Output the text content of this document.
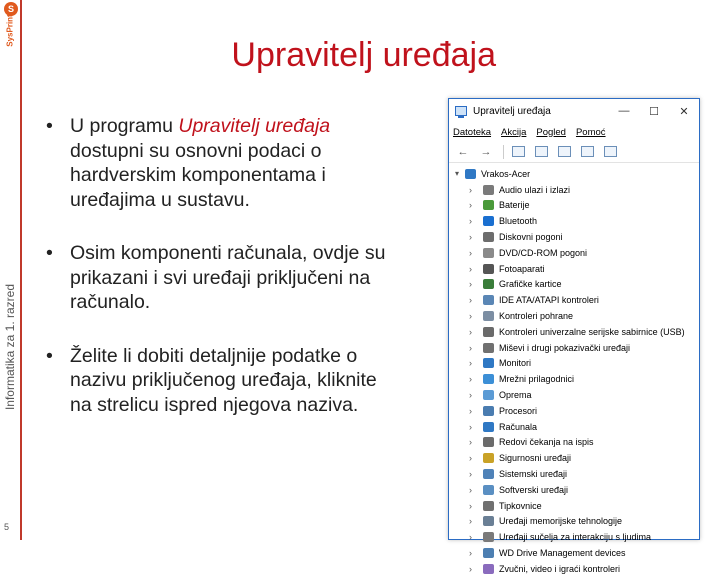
S
SysPrint
Informatika za 1. razred
5
Upravitelj uređaja
• U programu Upravitelj uređaja dostupni su osnovni podaci o hardverskim komponentama i uređajima u sustavu.
• Osim komponenti računala, ovdje su prikazani i svi uređaji priključeni na računalo.
• Želite li dobiti detaljnije podatke o nazivu priključenog uređaja, kliknite na strelicu ispred njegova naziva.
Upravitelj uređaja	—	☐	✕
Datoteka Akcija Pogled Pomoć
←	→
▾	Vrakos-Acer
›	Audio ulazi i izlazi
›	Baterije
›	Bluetooth
›	Diskovni pogoni
›	DVD/CD-ROM pogoni
›	Fotoaparati
›	Grafičke kartice
›	IDE ATA/ATAPI kontroleri
›	Kontroleri pohrane
›	Kontroleri univerzalne serijske sabirnice (USB)
›	Miševi i drugi pokazivački uređaji
›	Monitori
›	Mrežni prilagodnici
›	Oprema
›	Procesori
›	Računala
›	Redovi čekanja na ispis
›	Sigurnosni uređaji
›	Sistemski uređaji
›	Softverski uređaji
›	Tipkovnice
›	Uređaji memorijske tehnologije
›	Uređaji sučelja za interakciju s ljudima
›	WD Drive Management devices
›	Zvučni, video i igraći kontroleri
